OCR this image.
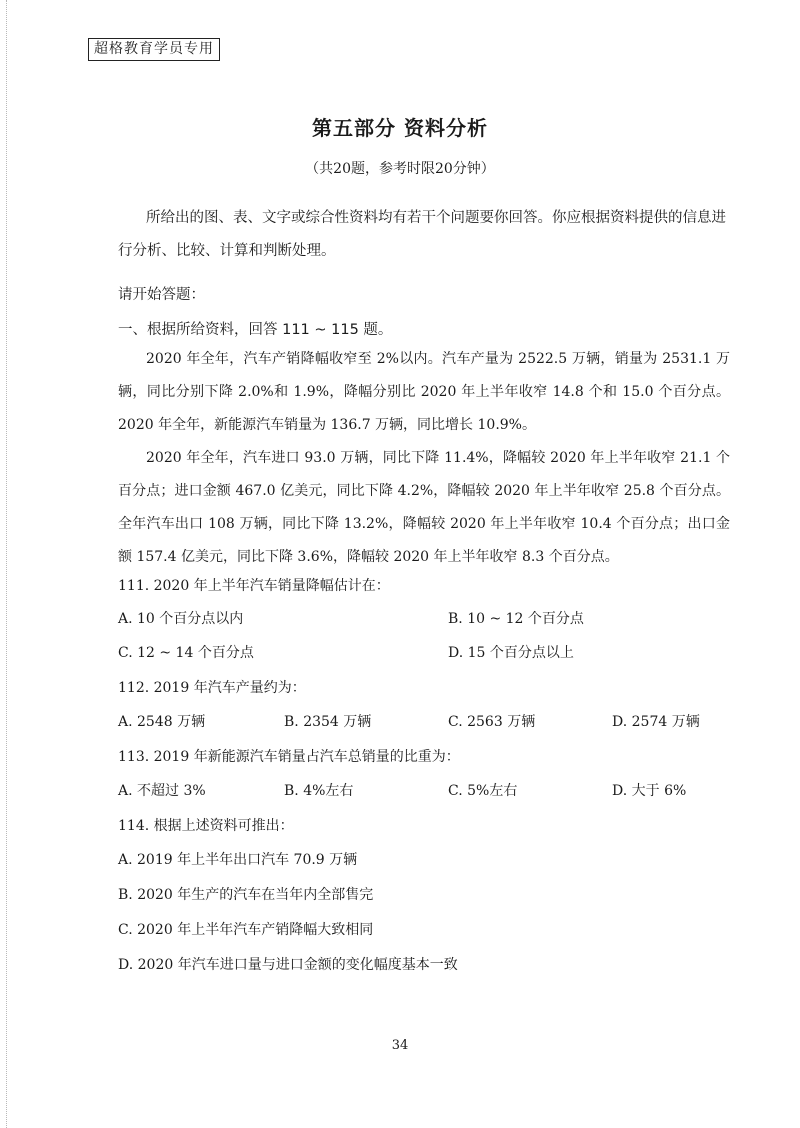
超格教育学员专用
第五部分 资料分析
（共20题，参考时限20分钟）
所给出的图、表、文字或综合性资料均有若干个问题要你回答。你应根据资料提供的信息进行分析、比较、计算和判断处理。
请开始答题：
一、根据所给资料，回答 111 ~ 115 题。
2020 年全年，汽车产销降幅收窄至 2%以内。汽车产量为 2522.5 万辆，销量为 2531.1 万辆，同比分别下降 2.0%和 1.9%，降幅分别比 2020 年上半年收窄 14.8 个和 15.0 个百分点。2020 年全年，新能源汽车销量为 136.7 万辆，同比增长 10.9%。
2020 年全年，汽车进口 93.0 万辆，同比下降 11.4%，降幅较 2020 年上半年收窄 21.1 个百分点；进口金额 467.0 亿美元，同比下降 4.2%，降幅较 2020 年上半年收窄 25.8 个百分点。全年汽车出口 108 万辆，同比下降 13.2%，降幅较 2020 年上半年收窄 10.4 个百分点；出口金额 157.4 亿美元，同比下降 3.6%，降幅较 2020 年上半年收窄 8.3 个百分点。
111. 2020 年上半年汽车销量降幅估计在：
A. 10 个百分点以内	B. 10 ~ 12 个百分点
C. 12 ~ 14 个百分点	D. 15 个百分点以上
112. 2019 年汽车产量约为：
A. 2548 万辆	B. 2354 万辆	C. 2563 万辆	D. 2574 万辆
113. 2019 年新能源汽车销量占汽车总销量的比重为：
A. 不超过 3%	B. 4%左右	C. 5%左右	D. 大于 6%
114. 根据上述资料可推出：
A. 2019 年上半年出口汽车 70.9 万辆
B. 2020 年生产的汽车在当年内全部售完
C. 2020 年上半年汽车产销降幅大致相同
D. 2020 年汽车进口量与进口金额的变化幅度基本一致
34
